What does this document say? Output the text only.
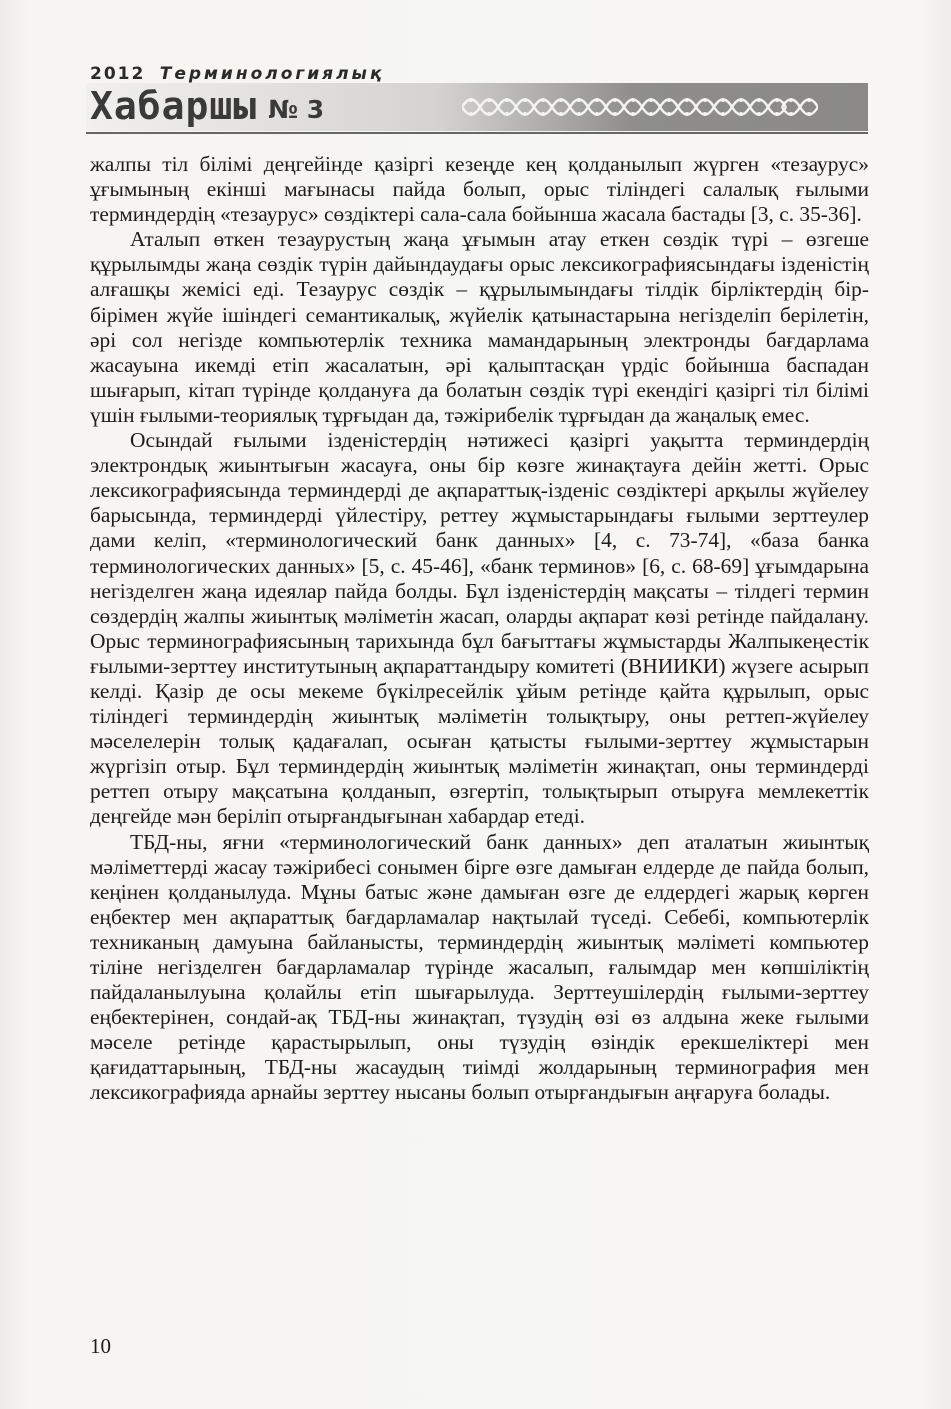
2012 Терминологиялық
Хабаршы № 3

жалпы тіл білімі деңгейінде қазіргі кезеңде кең қолданылып жүрген «тезаурус» ұғымының екінші мағынасы пайда болып, орыс тіліндегі салалық ғылыми терминдердің «тезаурус» сөздіктері сала-сала бойынша жасала бастады [3, с. 35-36].

Аталып өткен тезаурустың жаңа ұғымын атау еткен сөздік түрі – өзгеше құрылымды жаңа сөздік түрін дайындаудағы орыс лексикографиясындағы ізденістің алғашқы жемісі еді. Тезаурус сөздік – құрылымындағы тілдік бірліктердің бір-бірімен жүйе ішіндегі семантикалық, жүйелік қатынастарына негізделіп берілетін, әрі сол негізде компьютерлік техника мамандарының электронды бағдарлама жасауына икемді етіп жасалатын, әрі қалыптасқан үрдіс бойынша баспадан шығарып, кітап түрінде қолдануға да болатын сөздік түрі екендігі қазіргі тіл білімі үшін ғылыми-теориялық тұрғыдан да, тәжірибелік тұрғыдан да жаңалық емес.

Осындай ғылыми ізденістердің нәтижесі қазіргі уақытта терминдердің электрондық жиынтығын жасауға, оны бір көзге жинақтауға дейін жетті. Орыс лексикографиясында терминдерді де ақпараттық-ізденіс сөздіктері арқылы жүйелеу барысында, терминдерді үйлестіру, реттеу жұмыстарындағы ғылыми зерттеулер дами келіп, «терминологический банк данных» [4, с. 73-74], «база банка терминологических данных» [5, с. 45-46], «банк терминов» [6, с. 68-69] ұғымдарына негізделген жаңа идеялар пайда болды. Бұл ізденістердің мақсаты – тілдегі термин сөздердің жалпы жиынтық мәліметін жасап, оларды ақпарат көзі ретінде пайдалану. Орыс терминографиясының тарихында бұл бағыттағы жұмыстарды Жалпыкеңестік ғылыми-зерттеу институтының ақпараттандыру комитеті (ВНИИКИ) жүзеге асырып келді. Қазір де осы мекеме бүкілресейлік ұйым ретінде қайта құрылып, орыс тіліндегі терминдердің жиынтық мәліметін толықтыру, оны реттеп-жүйелеу мәселелерін толық қадағалап, осыған қатысты ғылыми-зерттеу жұмыстарын жүргізіп отыр. Бұл терминдердің жиынтық мәліметін жинақтап, оны терминдерді реттеп отыру мақсатына қолданып, өзгертіп, толықтырып отыруға мемлекеттік деңгейде мән беріліп отырғандығынан хабардар етеді.

ТБД-ны, яғни «терминологический банк данных» деп аталатын жиынтық мәліметтерді жасау тәжірибесі сонымен бірге өзге дамыған елдерде де пайда болып, кеңінен қолданылуда. Мұны батыс және дамыған өзге де елдердегі жарық көрген еңбектер мен ақпараттық бағдарламалар нақтылай түседі. Себебі, компьютерлік техниканың дамуына байланысты, терминдердің жиынтық мәліметі компьютер тіліне негізделген бағдарламалар түрінде жасалып, ғалымдар мен көпшіліктің пайдаланылуына қолайлы етіп шығарылуда. Зерттеушілердің ғылыми-зерттеу еңбектерінен, сондай-ақ ТБД-ны жинақтап, түзудің өзі өз алдына жеке ғылыми мәселе ретінде қарастырылып, оны түзудің өзіндік ерекшеліктері мен қағидаттарының, ТБД-ны жасаудың тиімді жолдарының терминография мен лексикографияда арнайы зерттеу нысаны болып отырғандығын аңғаруға болады.

10
